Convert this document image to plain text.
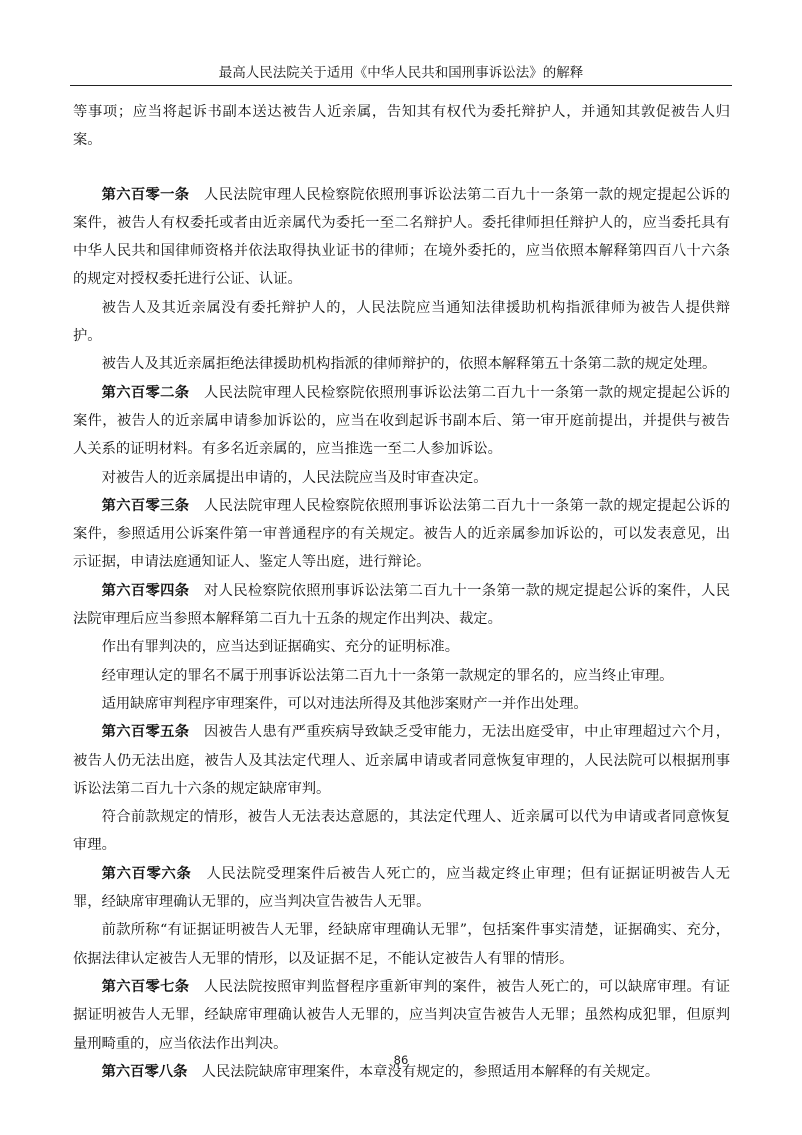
最高人民法院关于适用《中华人民共和国刑事诉讼法》的解释

等事项；应当将起诉书副本送达被告人近亲属，告知其有权代为委托辩护人，并通知其敦促被告人归案。

第六百零一条　 人民法院审理人民检察院依照刑事诉讼法第二百九十一条第一款的规定提起公诉的案件，被告人有权委托或者由近亲属代为委托一至二名辩护人。委托律师担任辩护人的，应当委托具有中华人民共和国律师资格并依法取得执业证书的律师；在境外委托的，应当依照本解释第四百八十六条的规定对授权委托进行公证、认证。

被告人及其近亲属没有委托辩护人的，人民法院应当通知法律援助机构指派律师为被告人提供辩护。

被告人及其近亲属拒绝法律援助机构指派的律师辩护的，依照本解释第五十条第二款的规定处理。

第六百零二条　 人民法院审理人民检察院依照刑事诉讼法第二百九十一条第一款的规定提起公诉的案件，被告人的近亲属申请参加诉讼的，应当在收到起诉书副本后、第一审开庭前提出，并提供与被告人关系的证明材料。有多名近亲属的，应当推选一至二人参加诉讼。

对被告人的近亲属提出申请的，人民法院应当及时审查决定。

第六百零三条　 人民法院审理人民检察院依照刑事诉讼法第二百九十一条第一款的规定提起公诉的案件，参照适用公诉案件第一审普通程序的有关规定。被告人的近亲属参加诉讼的，可以发表意见，出示证据，申请法庭通知证人、鉴定人等出庭，进行辩论。

第六百零四条　 对人民检察院依照刑事诉讼法第二百九十一条第一款的规定提起公诉的案件，人民法院审理后应当参照本解释第二百九十五条的规定作出判决、裁定。

作出有罪判决的，应当达到证据确实、充分的证明标准。

经审理认定的罪名不属于刑事诉讼法第二百九十一条第一款规定的罪名的，应当终止审理。

适用缺席审判程序审理案件，可以对违法所得及其他涉案财产一并作出处理。

第六百零五条　 因被告人患有严重疾病导致缺乏受审能力，无法出庭受审，中止审理超过六个月，被告人仍无法出庭，被告人及其法定代理人、近亲属申请或者同意恢复审理的，人民法院可以根据刑事诉讼法第二百九十六条的规定缺席审判。

符合前款规定的情形，被告人无法表达意愿的，其法定代理人、近亲属可以代为申请或者同意恢复审理。

第六百零六条　 人民法院受理案件后被告人死亡的，应当裁定终止审理；但有证据证明被告人无罪，经缺席审理确认无罪的，应当判决宣告被告人无罪。

前款所称“有证据证明被告人无罪，经缺席审理确认无罪”，包括案件事实清楚，证据确实、充分，依据法律认定被告人无罪的情形，以及证据不足，不能认定被告人有罪的情形。

第六百零七条　 人民法院按照审判监督程序重新审判的案件，被告人死亡的，可以缺席审理。有证据证明被告人无罪，经缺席审理确认被告人无罪的，应当判决宣告被告人无罪；虽然构成犯罪，但原判量刑畸重的，应当依法作出判决。

第六百零八条　 人民法院缺席审理案件，本章没有规定的，参照适用本解释的有关规定。

86
